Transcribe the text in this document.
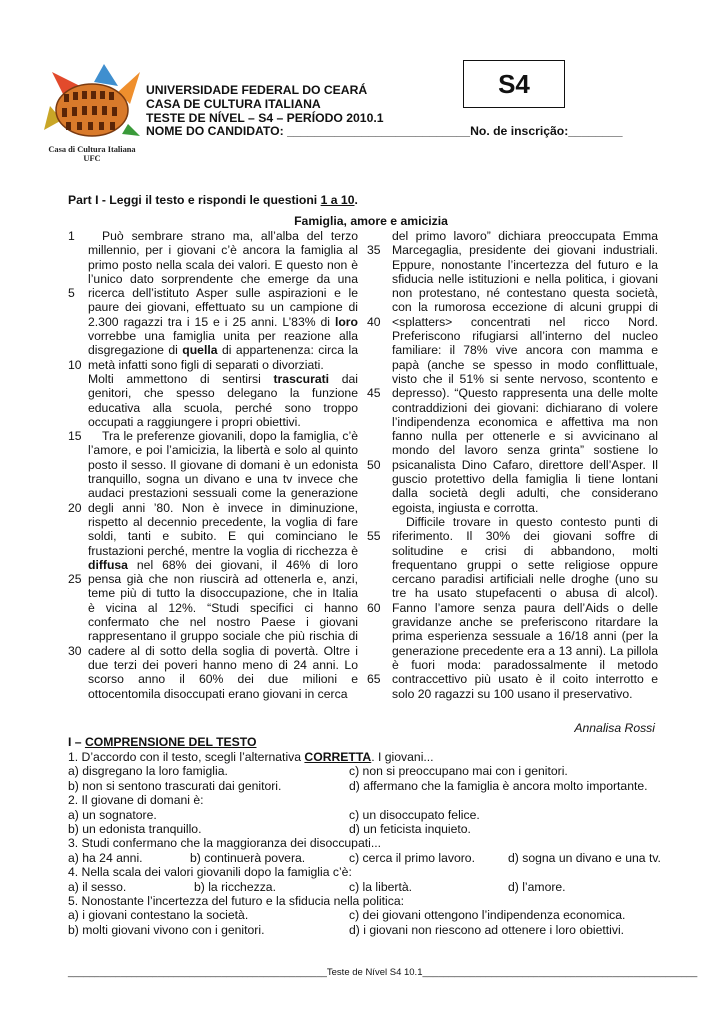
Casa di Cultura Italiana
UFC
UNIVERSIDADE FEDERAL DO CEARÁ
CASA DE CULTURA ITALIANA
TESTE DE NÍVEL – S4 – PERÍODO 2010.1
NOME DO CANDIDATO: ___________________________No. de inscrição:________
S4
Part I - Leggi il testo e rispondi le questioni 1 a 10.
Famiglia, amore e amicizia
1
5
10
15
20
25
30
35
40
45
50
55
60
65
Può sembrare strano ma, all’alba del terzo
millennio, per i giovani c’è ancora la famiglia al
primo posto nella scala dei valori. E questo non è
l’unico dato sorprendente che emerge da una
ricerca dell’istituto Asper sulle aspirazioni e le
paure dei giovani, effettuato su un campione di
2.300 ragazzi tra i 15 e i 25 anni. L’83% di loro
vorrebbe una famiglia unita per reazione alla
disgregazione di quella di appartenenza: circa la
metà infatti sono figli di separati o divorziati.
Molti ammettono di sentirsi trascurati dai
genitori, che spesso delegano la funzione
educativa alla scuola, perché sono troppo
occupati a raggiungere i propri obiettivi.
Tra le preferenze giovanili, dopo la famiglia, c’è
l’amore, e poi l’amicizia, la libertà e solo al quinto
posto il sesso. Il giovane di domani è un edonista
tranquillo, sogna un divano e una tv invece che
audaci prestazioni sessuali come la generazione
degli anni ’80. Non è invece in diminuzione,
rispetto al decennio precedente, la voglia di fare
soldi, tanti e subito. E qui cominciano le
frustazioni perché, mentre la voglia di ricchezza è
diffusa nel 68% dei giovani, il 46% di loro
pensa già che non riuscirà ad ottenerla e, anzi,
teme più di tutto la disoccupazione, che in Italia
è vicina al 12%. “Studi specifici ci hanno
confermato che nel nostro Paese i giovani
rappresentano il gruppo sociale che più rischia di
cadere al di sotto della soglia di povertà. Oltre i
due terzi dei poveri hanno meno di 24 anni. Lo
scorso anno il 60% dei due milioni e
ottocentomila disoccupati erano giovani in cerca
del primo lavoro” dichiara preoccupata Emma
Marcegaglia, presidente dei giovani industriali.
Eppure, nonostante l’incertezza del futuro e la
sfiducia nelle istituzioni e nella politica, i giovani
non protestano, né contestano questa società,
con la rumorosa eccezione di alcuni gruppi di
<splatters> concentrati nel ricco Nord.
Preferiscono rifugiarsi all’interno del nucleo
familiare: il 78% vive ancora con mamma e
papà (anche se spesso in modo conflittuale,
visto che il 51% si sente nervoso, scontento e
depresso). “Questo rappresenta una delle molte
contraddizioni dei giovani: dichiarano di volere
l’indipendenza economica e affettiva ma non
fanno nulla per ottenerle e si avvicinano al
mondo del lavoro senza grinta” sostiene lo
psicanalista Dino Cafaro, direttore dell’Asper. Il
guscio protettivo della famiglia li tiene lontani
dalla società degli adulti, che considerano
egoista, ingiusta e corrotta.
Difficile trovare in questo contesto punti di
riferimento. Il 30% dei giovani soffre di
solitudine e crisi di abbandono, molti
frequentano gruppi o sette religiose oppure
cercano paradisi artificiali nelle droghe (uno su
tre ha usato stupefacenti o abusa di alcol).
Fanno l’amore senza paura dell’Aids o delle
gravidanze anche se preferiscono ritardare la
prima esperienza sessuale a 16/18 anni (per la
generazione precedente era a 13 anni). La pillola
è fuori moda: paradossalmente il metodo
contraccettivo più usato è il coito interrotto e
solo 20 ragazzi su 100 usano il preservativo.
Annalisa Rossi
I – COMPRENSIONE DEL TESTO
1. D’accordo con il testo, scegli l’alternativa CORRETTA. I giovani...
a) disgregano la loro famiglia.	c) non si preoccupano mai con i genitori.
b) non si sentono trascurati dai genitori.	d) affermano che la famiglia è ancora molto importante.
2. Il giovane di domani è:
a) un sognatore.	c) un disoccupato felice.
b) un edonista tranquillo.	d) un feticista inquieto.
3. Studi confermano che la maggioranza dei disoccupati...
a) ha 24 anni.	b) continuerà povera.	c) cerca il primo lavoro.	d) sogna un divano e una tv.
4. Nella scala dei valori giovanili dopo la famiglia c’è:
a) il sesso.	b) la ricchezza.	c) la libertà.	d) l’amore.
5. Nonostante l’incertezza del futuro e la sfiducia nella politica:
a) i giovani contestano la società.	c) dei giovani ottengono l’indipendenza economica.
b) molti giovani vivono con i genitori.	d) i giovani non riescono ad ottenere i loro obiettivi.
_________________________________________________Teste de Nível S4 10.1____________________________________________________
